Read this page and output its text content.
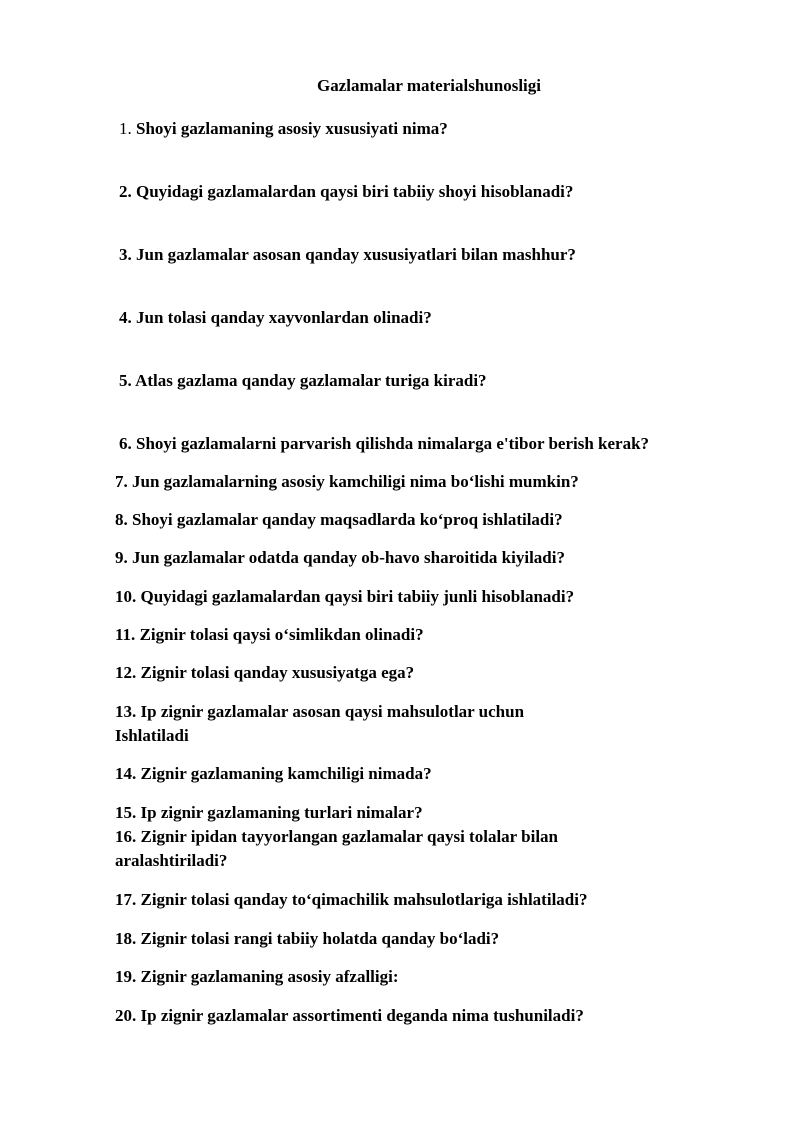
Gazlamalar materialshunosligi
1. Shoyi gazlamaning asosiy xususiyati nima?
2. Quyidagi gazlamalardan qaysi biri tabiiy shoyi hisoblanadi?
3. Jun gazlamalar asosan qanday xususiyatlari bilan mashhur?
4. Jun tolasi qanday xayvonlardan olinadi?
5. Atlas gazlama qanday gazlamalar turiga kiradi?
6. Shoyi gazlamalarni parvarish qilishda nimalarga e'tibor berish kerak?
7. Jun gazlamalarning asosiy kamchiligi nima bo‘lishi mumkin?
8. Shoyi gazlamalar qanday maqsadlarda ko‘proq ishlatiladi?
9. Jun gazlamalar odatda qanday ob-havo sharoitida kiyiladi?
10. Quyidagi gazlamalardan qaysi biri tabiiy junli hisoblanadi?
11. Zignir tolasi qaysi o‘simlikdan olinadi?
12. Zignir tolasi qanday xususiyatga ega?
13. Ip zignir gazlamalar asosan qaysi mahsulotlar uchun
Ishlatiladi
14. Zignir gazlamaning kamchiligi nimada?
15. Ip zignir gazlamaning turlari nimalar?
16. Zignir ipidan tayyorlangan gazlamalar qaysi tolalar bilan
aralashtiriladi?
17. Zignir tolasi qanday to‘qimachilik mahsulotlariga ishlatiladi?
18. Zignir tolasi rangi tabiiy holatda qanday bo‘ladi?
19. Zignir gazlamaning asosiy afzalligi:
20. Ip zignir gazlamalar assortimenti deganda nima tushuniladi?
